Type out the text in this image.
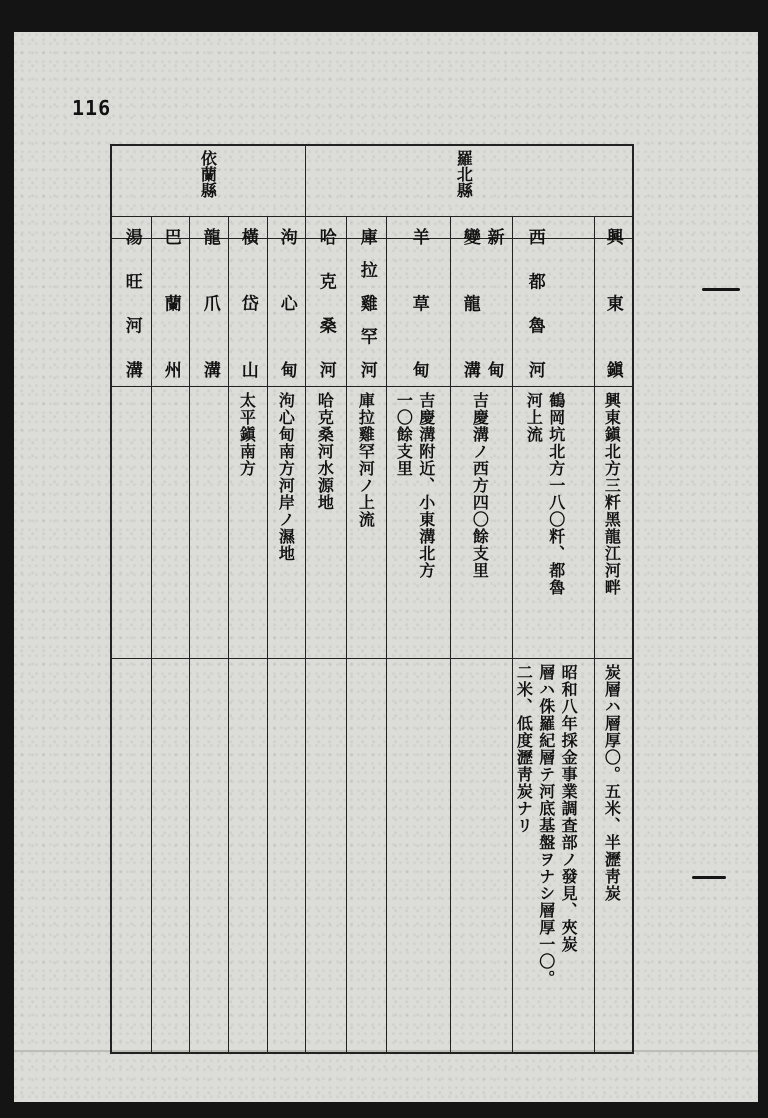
116
依蘭縣	羅北縣
興東鎭
興東鎭北方三粁黑龍江河畔
炭層ハ層厚〇。五米、半瀝靑炭
西都魯河
鶴岡坑北方一八〇粁、都魯
河上流
昭和八年採金事業調査部ノ發見、夾炭
層ハ侏羅紀層テ河底基盤ヲナシ層厚一〇。
二米、低度瀝靑炭ナリ
新　甸
變龍溝
吉慶溝ノ西方四〇餘支里
羊草甸
吉慶溝附近、小東溝北方
一〇餘支里
庫拉雞罕河
庫拉雞罕河ノ上流
哈克桑河
哈克桑河水源地
泃心甸
泃心甸南方河岸ノ濕地
橫岱山
太平鎭南方
龍爪溝
巴蘭州
湯旺河溝
